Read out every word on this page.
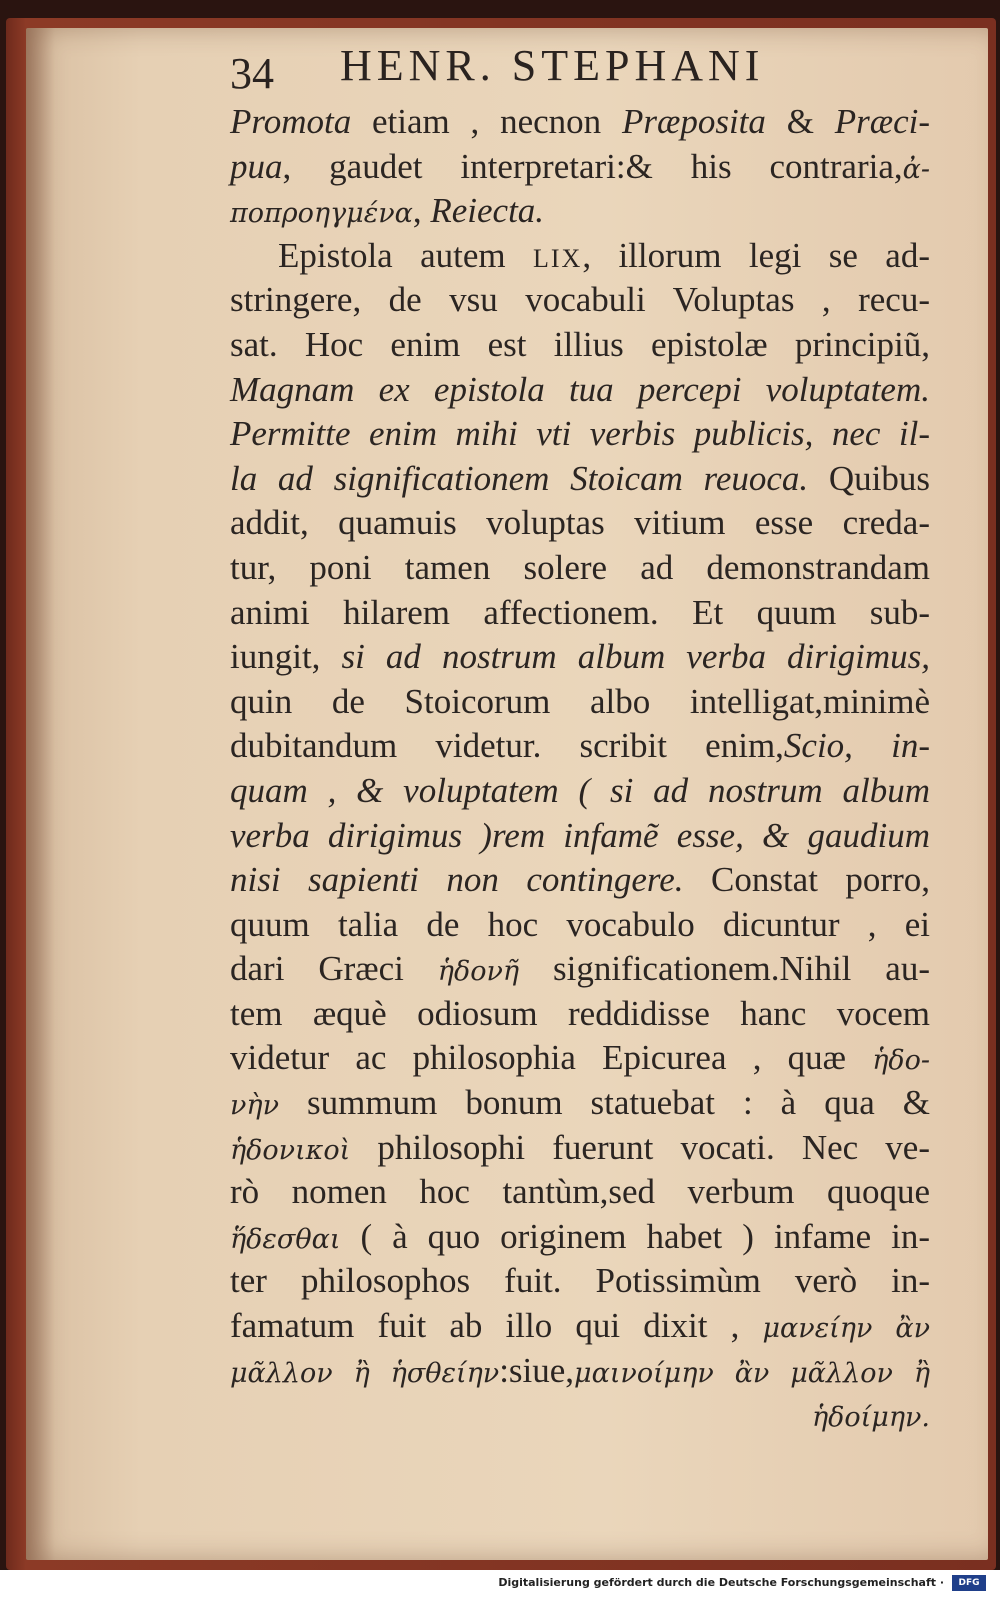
34 HENR. STEPHANI
Promota etiam , necnon Præposita & Præci-
pua, gaudet interpretari:& his contraria,ἀ-
ποπροηγμένα, Reiecta.
Epistola autem LIX, illorum legi se ad-
stringere, de vsu vocabuli Voluptas , recu-
sat. Hoc enim est illius epistolæ principiũ,
Magnam ex epistola tua percepi voluptatem.
Permitte enim mihi vti verbis publicis, nec il-
la ad significationem Stoicam reuoca. Quibus
addit, quamuis voluptas vitium esse creda-
tur, poni tamen solere ad demonstrandam
animi hilarem affectionem. Et quum sub-
iungit, si ad nostrum album verba dirigimus,
quin de Stoicorum albo intelligat,minimè
dubitandum videtur. scribit enim,Scio, in-
quam , & voluptatem ( si ad nostrum album
verba dirigimus )rem infamẽ esse, & gaudium
nisi sapienti non contingere. Constat porro,
quum talia de hoc vocabulo dicuntur , ei
dari Græci ἡδονῆ significationem.Nihil au-
tem æquè odiosum reddidisse hanc vocem
videtur ac philosophia Epicurea , quæ ἡδο-
νὴν summum bonum statuebat : à qua &
ἡδονικοὶ philosophi fuerunt vocati. Nec ve-
rò nomen hoc tantùm,sed verbum quoque
ἥδεσθαι ( à quo originem habet ) infame in-
ter philosophos fuit. Potissimùm verò in-
famatum fuit ab illo qui dixit , μανείην ἂν
μᾶλλον ἢ ἡσθείην:siue,μαινοίμην ἂν μᾶλλον ἢ
ἡδοίμην.
Digitalisierung gefördert durch die Deutsche Forschungsgemeinschaft ·	DFG
